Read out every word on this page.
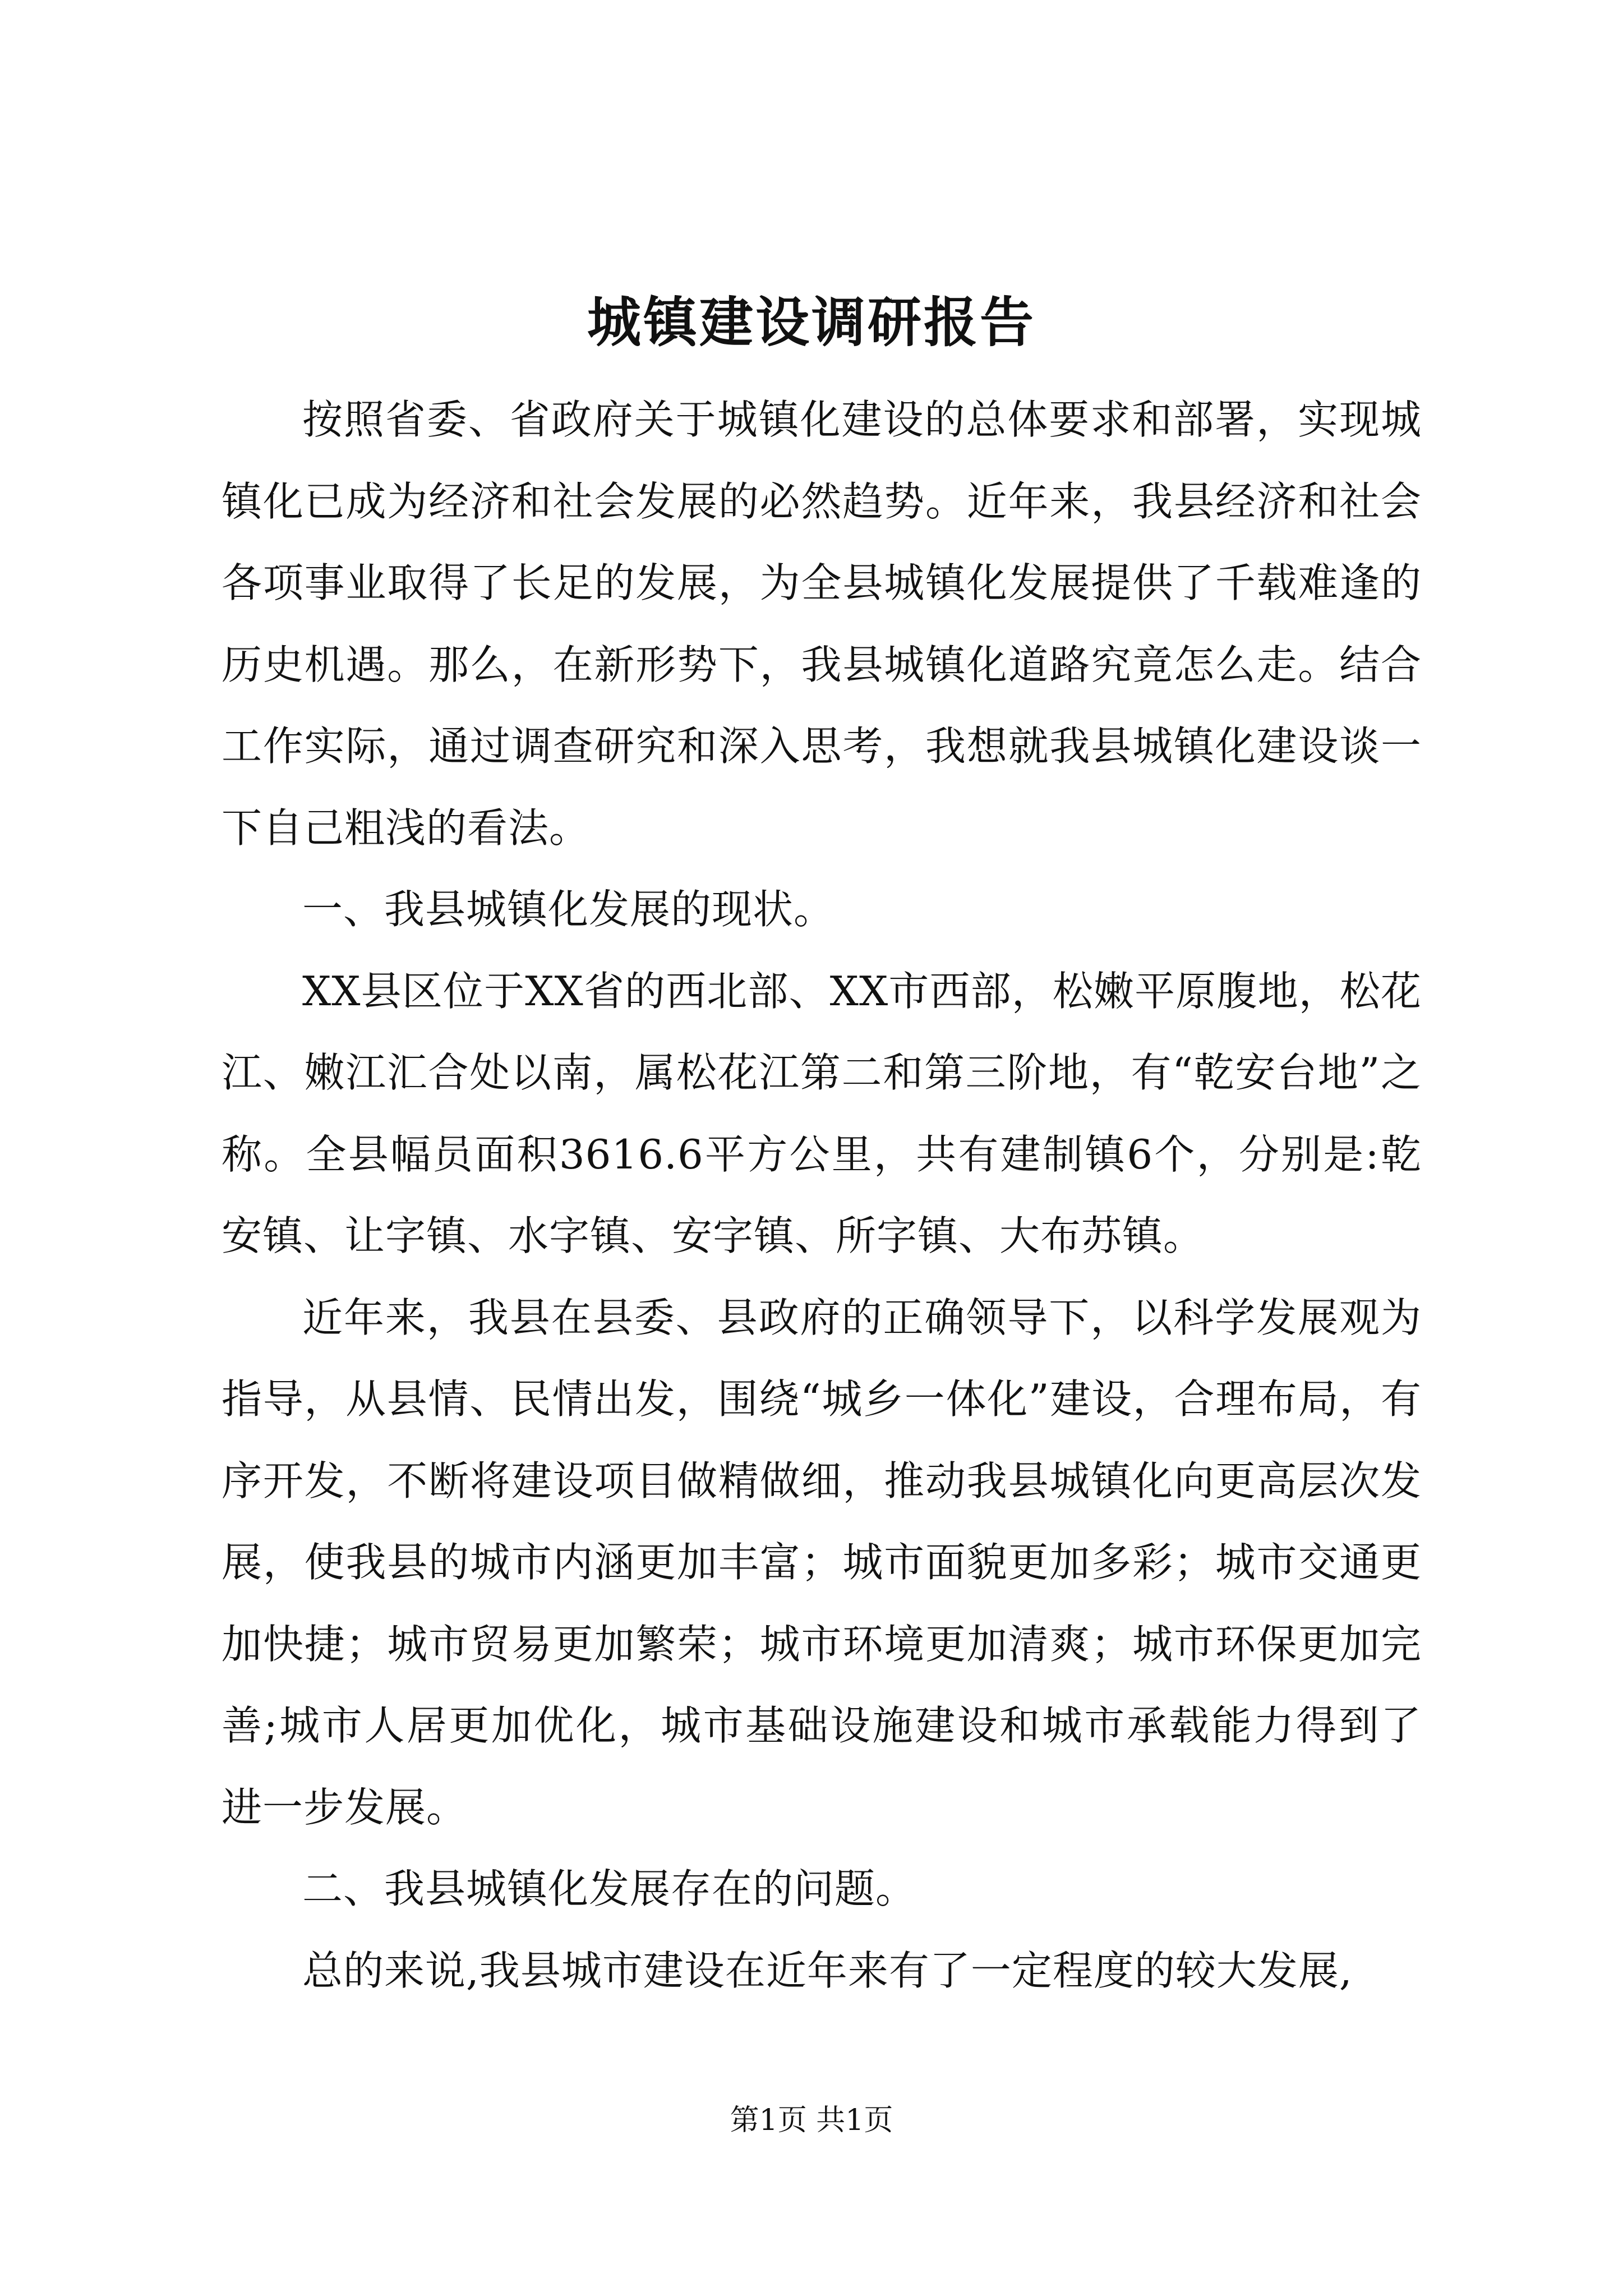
城镇建设调研报告

按照省委、省政府关于城镇化建设的总体要求和部署，实现城镇化已成为经济和社会发展的必然趋势。近年来，我县经济和社会各项事业取得了长足的发展，为全县城镇化发展提供了千载难逢的历史机遇。那么，在新形势下，我县城镇化道路究竟怎么走。结合工作实际，通过调查研究和深入思考，我想就我县城镇化建设谈一下自己粗浅的看法。

一、我县城镇化发展的现状。

XX县区位于XX省的西北部、XX市西部，松嫩平原腹地，松花江、嫩江汇合处以南，属松花江第二和第三阶地，有“乾安台地”之称。全县幅员面积3616.6平方公里，共有建制镇6个，分别是:乾安镇、让字镇、水字镇、安字镇、所字镇、大布苏镇。

近年来，我县在县委、县政府的正确领导下，以科学发展观为指导，从县情、民情出发，围绕“城乡一体化”建设，合理布局，有序开发，不断将建设项目做精做细，推动我县城镇化向更高层次发展，使我县的城市内涵更加丰富；城市面貌更加多彩；城市交通更加快捷；城市贸易更加繁荣；城市环境更加清爽；城市环保更加完善;城市人居更加优化，城市基础设施建设和城市承载能力得到了进一步发展。

二、我县城镇化发展存在的问题。

总的来说,我县城市建设在近年来有了一定程度的较大发展,

第1页 共1页
